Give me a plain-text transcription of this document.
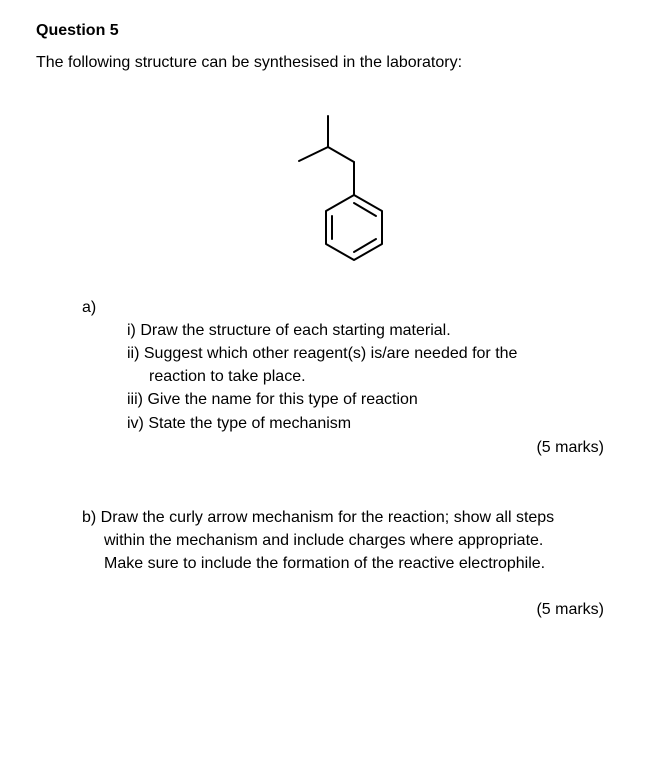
Question 5
The following structure can be synthesised in the laboratory:
a)
i) Draw the structure of each starting material.
ii) Suggest which other reagent(s) is/are needed for the
reaction to take place.
iii) Give the name for this type of reaction
iv) State the type of mechanism
(5 marks)
b) Draw the curly arrow mechanism for the reaction; show all steps
within the mechanism and include charges where appropriate.
Make sure to include the formation of the reactive electrophile.
(5 marks)
